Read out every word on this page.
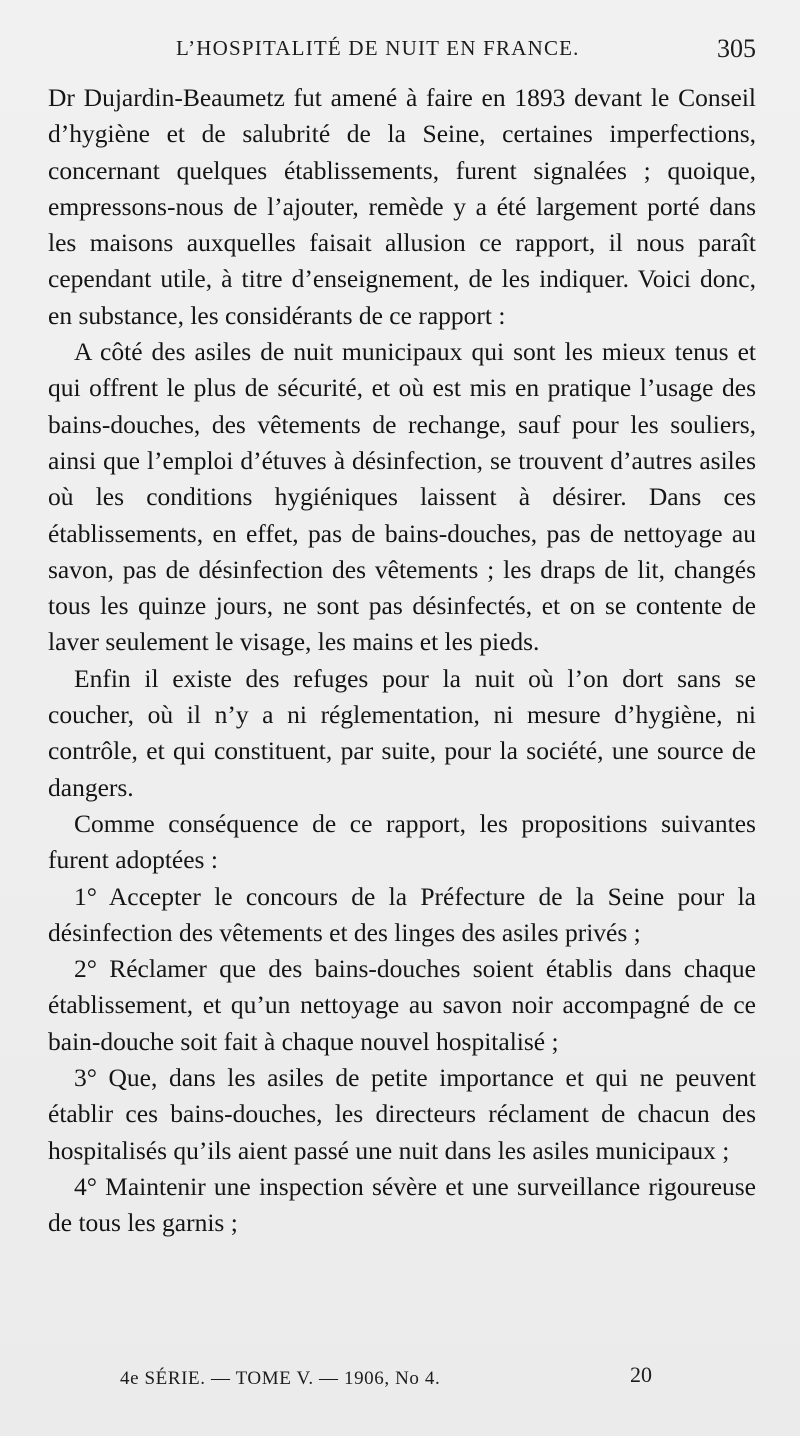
L’HOSPITALITÉ DE NUIT EN FRANCE.	305

Dr Dujardin-Beaumetz fut amené à faire en 1893 devant le Conseil d’hygiène et de salubrité de la Seine, certaines imperfections, concernant quelques établissements, furent signalées ; quoique, empressons-nous de l’ajouter, remède y a été largement porté dans les maisons auxquelles faisait allusion ce rapport, il nous paraît cependant utile, à titre d’enseignement, de les indiquer. Voici donc, en substance, les considérants de ce rapport :

A côté des asiles de nuit municipaux qui sont les mieux tenus et qui offrent le plus de sécurité, et où est mis en pratique l’usage des bains-douches, des vêtements de rechange, sauf pour les souliers, ainsi que l’emploi d’étuves à désinfection, se trouvent d’autres asiles où les conditions hygiéniques laissent à désirer. Dans ces établissements, en effet, pas de bains-douches, pas de nettoyage au savon, pas de désinfection des vêtements ; les draps de lit, changés tous les quinze jours, ne sont pas désinfectés, et on se contente de laver seulement le visage, les mains et les pieds.

Enfin il existe des refuges pour la nuit où l’on dort sans se coucher, où il n’y a ni réglementation, ni mesure d’hygiène, ni contrôle, et qui constituent, par suite, pour la société, une source de dangers.

Comme conséquence de ce rapport, les propositions suivantes furent adoptées :

1° Accepter le concours de la Préfecture de la Seine pour la désinfection des vêtements et des linges des asiles privés ;

2° Réclamer que des bains-douches soient établis dans chaque établissement, et qu’un nettoyage au savon noir accompagné de ce bain-douche soit fait à chaque nouvel hospitalisé ;

3° Que, dans les asiles de petite importance et qui ne peuvent établir ces bains-douches, les directeurs réclament de chacun des hospitalisés qu’ils aient passé une nuit dans les asiles municipaux ;

4° Maintenir une inspection sévère et une surveillance rigoureuse de tous les garnis ;

4e SÉRIE. — TOME V. — 1906, No 4.	20
